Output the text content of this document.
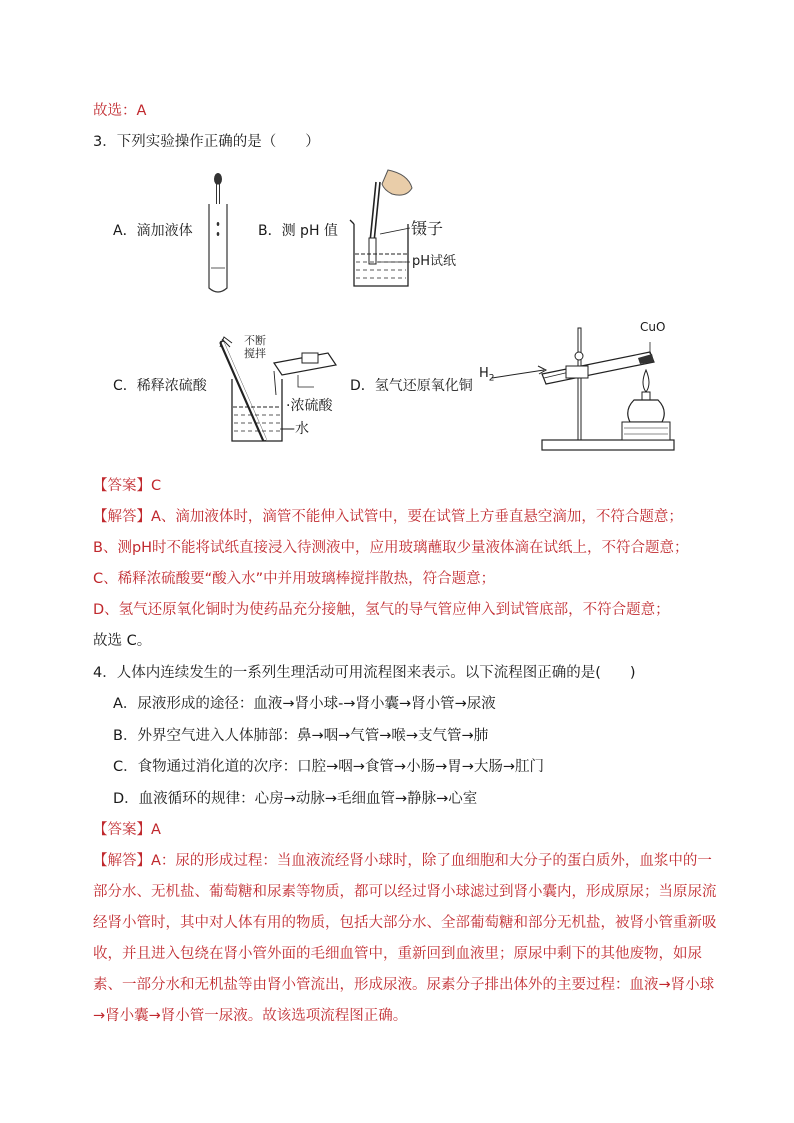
故选：A
3．下列实验操作正确的是（　　）
A．滴加液体	B．测 pH 值	镊子
pH试纸
C．稀释浓硫酸
不断
搅拌
·浓硫酸
—水
D．氢气还原氧化铜
$H_2$
CuO
【答案】C
【解答】A、滴加液体时，滴管不能伸入试管中，要在试管上方垂直悬空滴加，不符合题意；
B、测pH时不能将试纸直接浸入待测液中，应用玻璃蘸取少量液体滴在试纸上，不符合题意；
C、稀释浓硫酸要“酸入水”中并用玻璃棒搅拌散热，符合题意；
D、氢气还原氧化铜时为使药品充分接触，氢气的导气管应伸入到试管底部，不符合题意；
故选 C。
4．人体内连续发生的一系列生理活动可用流程图来表示。以下流程图正确的是(　　)
A．尿液形成的途径：血液→肾小球-→肾小囊→肾小管→尿液
B．外界空气进入人体肺部：鼻→咽→气管→喉→支气管→肺
C．食物通过消化道的次序：口腔→咽→食管→小肠→胃→大肠→肛门
D．血液循环的规律：心房→动脉→毛细血管→静脉→心室
【答案】A
【解答】A：尿的形成过程：当血液流经肾小球时，除了血细胞和大分子的蛋白质外，血浆中的一
部分水、无机盐、葡萄糖和尿素等物质，都可以经过肾小球滤过到肾小囊内，形成原尿；当原尿流
经肾小管时，其中对人体有用的物质，包括大部分水、全部葡萄糖和部分无机盐，被肾小管重新吸
收，并且进入包绕在肾小管外面的毛细血管中，重新回到血液里；原尿中剩下的其他废物，如尿
素、一部分水和无机盐等由肾小管流出，形成尿液。尿素分子排出体外的主要过程：血液→肾小球
→肾小囊→肾小管一尿液。故该选项流程图正确。
